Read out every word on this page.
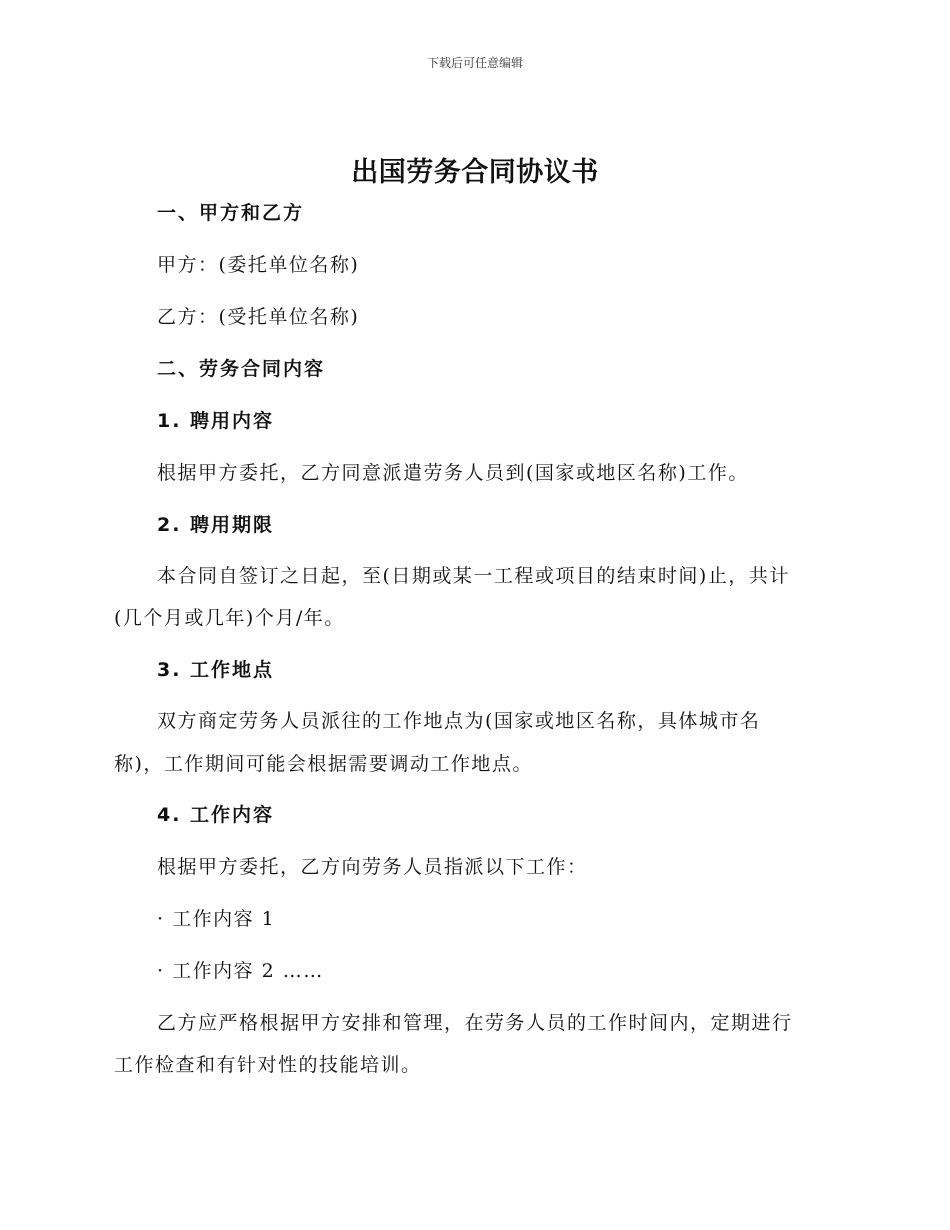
下载后可任意编辑
出国劳务合同协议书
一、甲方和乙方
甲方：(委托单位名称)
乙方：(受托单位名称)
二、劳务合同内容
1. 聘用内容
根据甲方委托，乙方同意派遣劳务人员到(国家或地区名称)工作。
2. 聘用期限
本合同自签订之日起，至(日期或某一工程或项目的结束时间)止，共计
(几个月或几年)个月/年。
3. 工作地点
双方商定劳务人员派往的工作地点为(国家或地区名称，具体城市名
称)，工作期间可能会根据需要调动工作地点。
4. 工作内容
根据甲方委托，乙方向劳务人员指派以下工作：
· 工作内容 1
· 工作内容 2 ……
乙方应严格根据甲方安排和管理，在劳务人员的工作时间内，定期进行
工作检查和有针对性的技能培训。
